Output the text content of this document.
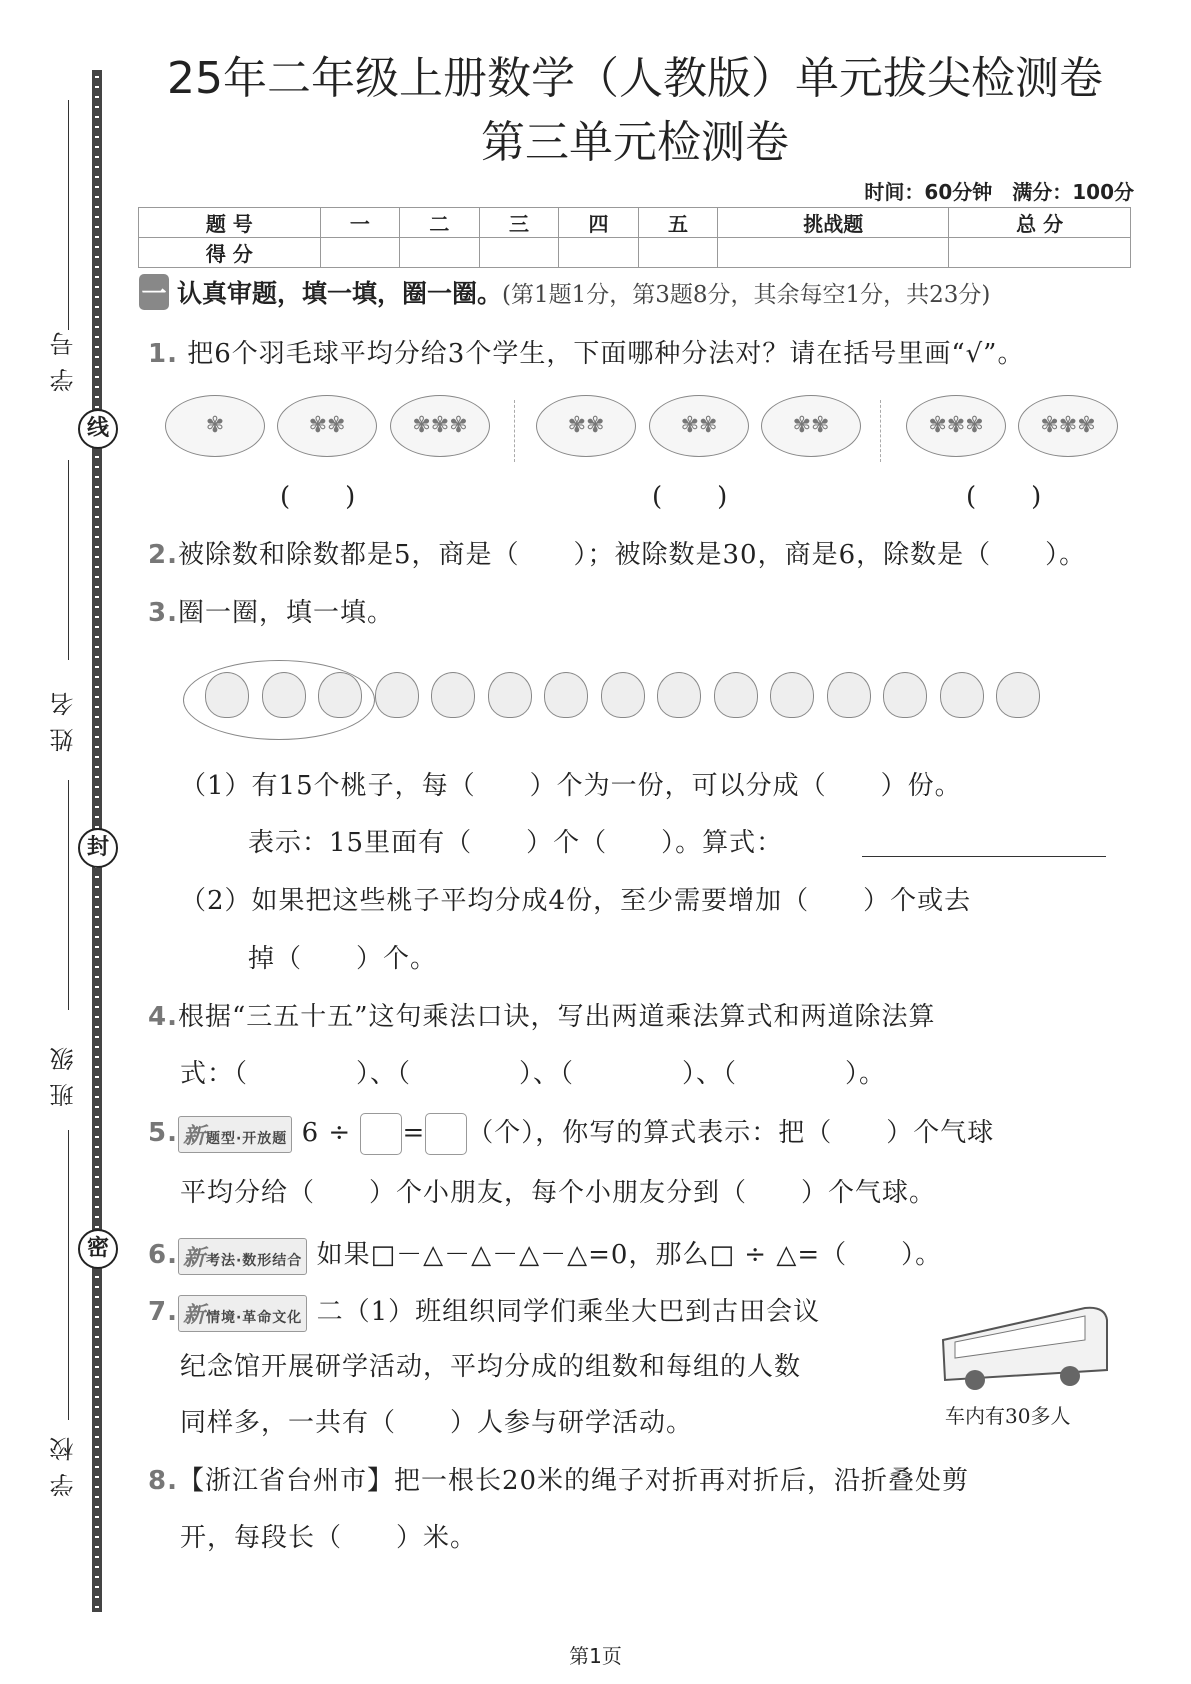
学号
姓名
班级
学校
线
封
密
25年二年级上册数学（人教版）单元拔尖检测卷
第三单元检测卷
时间：60分钟　满分：100分
题 号	一	二	三	四	五	挑战题	总 分
得 分							
一 认真审题，填一填，圈一圈。(第1题1分，第3题8分，其余每空1分，共23分)
1. 把6个羽毛球平均分给3个学生，下面哪种分法对？请在括号里画“√”。
✾	✾✾	✾✾✾	✾✾	✾✾	✾✾	✾✾✾	✾✾✾
(　　)	(　　)	(　　)
2.被除数和除数都是5，商是（　　）；被除数是30，商是6，除数是（　　）。
3.圈一圈，填一填。
（1）有15个桃子，每（　　）个为一份，可以分成（　　）份。
表示：15里面有（　　）个（　　）。算式：
（2）如果把这些桃子平均分成4份，至少需要增加（　　）个或去
掉（　　）个。
4.根据“三五十五”这句乘法口诀，写出两道乘法算式和两道除法算
式：（　　　　）、（　　　　）、（　　　　）、（　　　　）。
5. 新题型·开放题 6 ÷ = （个），你写的算式表示：把（　　）个气球
平均分给（　　）个小朋友，每个小朋友分到（　　）个气球。
6. 新考法·数形结合 如果□－△－△－△－△=0，那么□ ÷ △=（　　）。
7. 新情境·革命文化 二（1）班组织同学们乘坐大巴到古田会议
纪念馆开展研学活动，平均分成的组数和每组的人数
同样多，一共有（　　）人参与研学活动。	车内有30多人
8.【浙江省台州市】把一根长20米的绳子对折再对折后，沿折叠处剪
开，每段长（　　）米。
第1页
